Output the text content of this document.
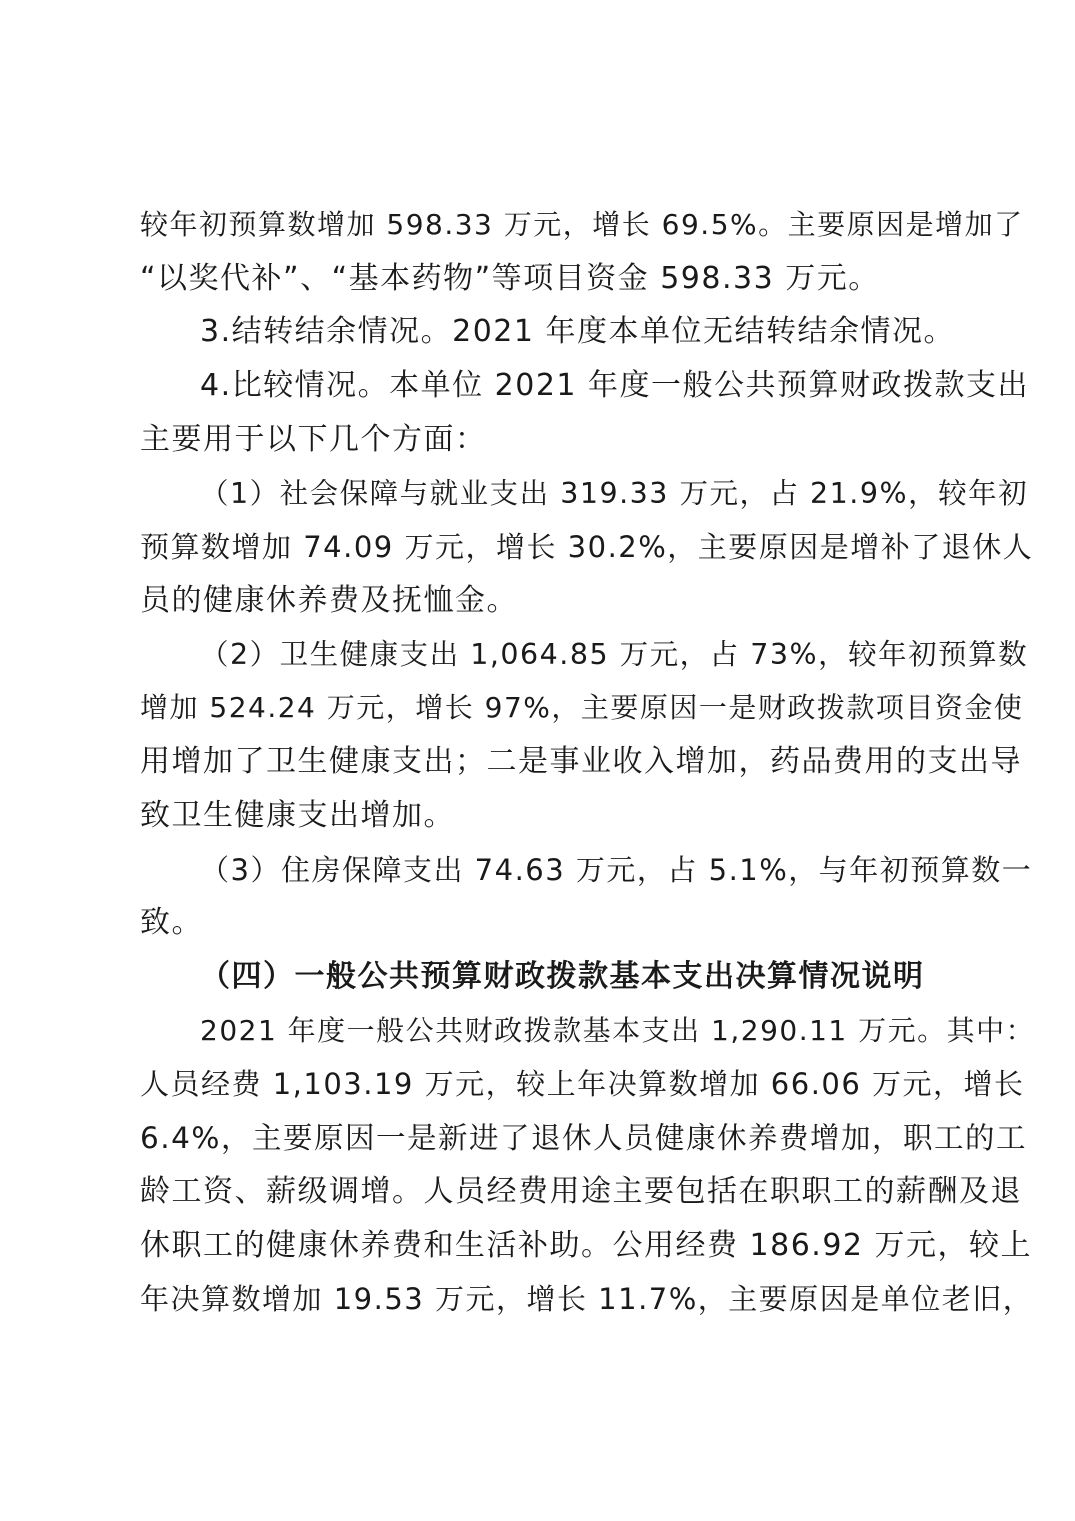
较年初预算数增加 598.33 万元，增长 69.5%。主要原因是增加了
“以奖代补”、“基本药物”等项目资金 598.33 万元。
3.结转结余情况。2021 年度本单位无结转结余情况。
4.比较情况。本单位 2021 年度一般公共预算财政拨款支出
主要用于以下几个方面：
（1）社会保障与就业支出 319.33 万元，占 21.9%，较年初
预算数增加 74.09 万元，增长 30.2%，主要原因是增补了退休人
员的健康休养费及抚恤金。
（2）卫生健康支出 1,064.85 万元，占 73%，较年初预算数
增加 524.24 万元，增长 97%，主要原因一是财政拨款项目资金使
用增加了卫生健康支出；二是事业收入增加，药品费用的支出导
致卫生健康支出增加。
（3）住房保障支出 74.63 万元，占 5.1%，与年初预算数一
致。
（四）一般公共预算财政拨款基本支出决算情况说明
2021 年度一般公共财政拨款基本支出 1,290.11 万元。其中：
人员经费 1,103.19 万元，较上年决算数增加 66.06 万元，增长
6.4%，主要原因一是新进了退休人员健康休养费增加，职工的工
龄工资、薪级调增。人员经费用途主要包括在职职工的薪酬及退
休职工的健康休养费和生活补助。公用经费 186.92 万元，较上
年决算数增加 19.53 万元，增长 11.7%，主要原因是单位老旧，
